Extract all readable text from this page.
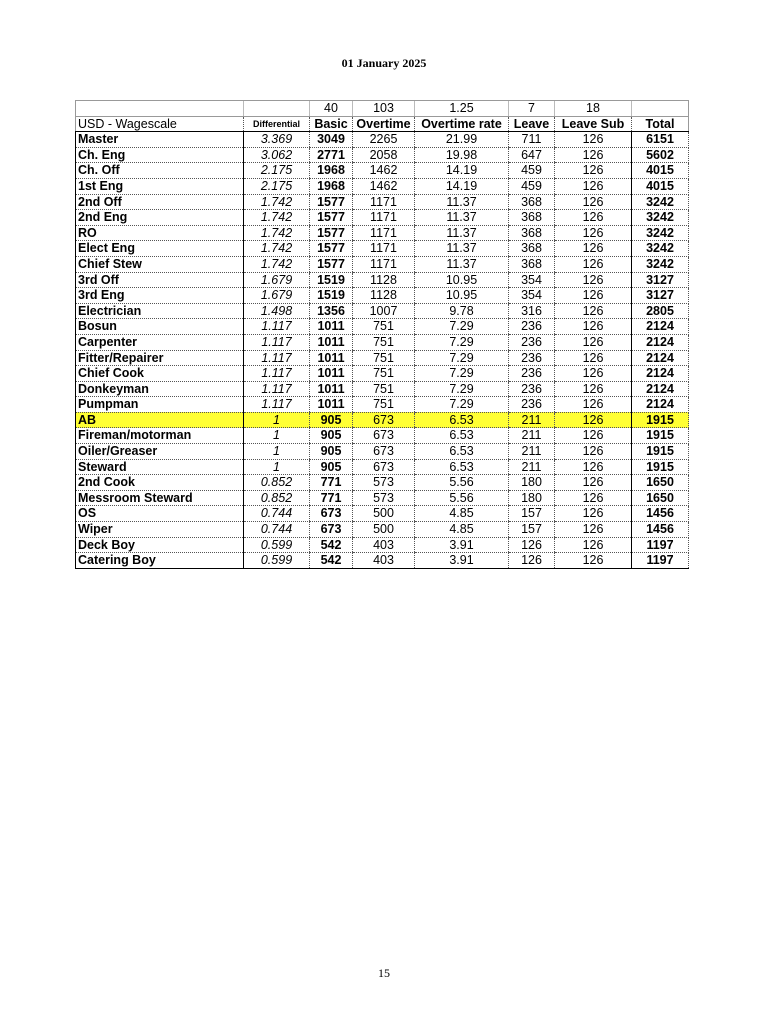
01 January 2025
		40	103	1.25	7	18	
USD - Wagescale	Differential	Basic	Overtime	Overtime rate	Leave	Leave Sub	Total
Master	3.369	3049	2265	21.99	711	126	6151
Ch. Eng	3.062	2771	2058	19.98	647	126	5602
Ch. Off	2.175	1968	1462	14.19	459	126	4015
1st Eng	2.175	1968	1462	14.19	459	126	4015
2nd Off	1.742	1577	1171	11.37	368	126	3242
2nd Eng	1.742	1577	1171	11.37	368	126	3242
RO	1.742	1577	1171	11.37	368	126	3242
Elect Eng	1.742	1577	1171	11.37	368	126	3242
Chief Stew	1.742	1577	1171	11.37	368	126	3242
3rd Off	1.679	1519	1128	10.95	354	126	3127
3rd Eng	1.679	1519	1128	10.95	354	126	3127
Electrician	1.498	1356	1007	9.78	316	126	2805
Bosun	1.117	1011	751	7.29	236	126	2124
Carpenter	1.117	1011	751	7.29	236	126	2124
Fitter/Repairer	1.117	1011	751	7.29	236	126	2124
Chief Cook	1.117	1011	751	7.29	236	126	2124
Donkeyman	1.117	1011	751	7.29	236	126	2124
Pumpman	1.117	1011	751	7.29	236	126	2124
AB	1	905	673	6.53	211	126	1915
Fireman/motorman	1	905	673	6.53	211	126	1915
Oiler/Greaser	1	905	673	6.53	211	126	1915
Steward	1	905	673	6.53	211	126	1915
2nd Cook	0.852	771	573	5.56	180	126	1650
Messroom Steward	0.852	771	573	5.56	180	126	1650
OS	0.744	673	500	4.85	157	126	1456
Wiper	0.744	673	500	4.85	157	126	1456
Deck Boy	0.599	542	403	3.91	126	126	1197
Catering Boy	0.599	542	403	3.91	126	126	1197
15
